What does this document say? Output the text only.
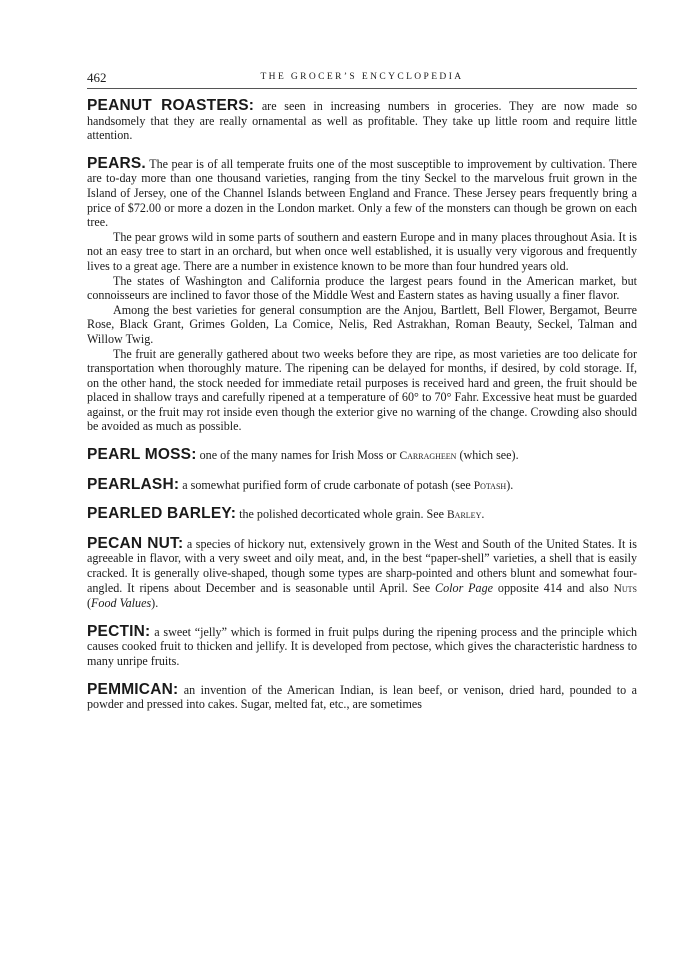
462	THE GROCER’S ENCYCLOPEDIA

PEANUT ROASTERS: are seen in increasing numbers in groceries. They are now made so handsomely that they are really ornamental as well as profitable. They take up little room and require little attention.

PEARS. The pear is of all temperate fruits one of the most susceptible to improvement by cultivation. There are to-day more than one thousand varieties, ranging from the tiny Seckel to the marvelous fruit grown in the Island of Jersey, one of the Channel Islands between England and France. These Jersey pears frequently bring a price of $72.00 or more a dozen in the London market. Only a few of the monsters can though be grown on each tree.

The pear grows wild in some parts of southern and eastern Europe and in many places throughout Asia. It is not an easy tree to start in an orchard, but when once well established, it is usually very vigorous and frequently lives to a great age. There are a number in existence known to be more than four hundred years old.

The states of Washington and California produce the largest pears found in the American market, but connoisseurs are inclined to favor those of the Middle West and Eastern states as having usually a finer flavor.

Among the best varieties for general consumption are the Anjou, Bartlett, Bell Flower, Bergamot, Beurre Rose, Black Grant, Grimes Golden, La Comice, Nelis, Red Astrakhan, Roman Beauty, Seckel, Talman and Willow Twig.

The fruit are generally gathered about two weeks before they are ripe, as most varieties are too delicate for transportation when thoroughly mature. The ripening can be delayed for months, if desired, by cold storage. If, on the other hand, the stock needed for immediate retail purposes is received hard and green, the fruit should be placed in shallow trays and carefully ripened at a temperature of 60° to 70° Fahr. Excessive heat must be guarded against, or the fruit may rot inside even though the exterior give no warning of the change. Crowding also should be avoided as much as possible.

PEARL MOSS: one of the many names for Irish Moss or Carragheen (which see).

PEARLASH: a somewhat purified form of crude carbonate of potash (see Potash).

PEARLED BARLEY: the polished decorticated whole grain. See Barley.

PECAN NUT: a species of hickory nut, extensively grown in the West and South of the United States. It is agreeable in flavor, with a very sweet and oily meat, and, in the best “paper-shell” varieties, a shell that is easily cracked. It is generally olive-shaped, though some types are sharp-pointed and others blunt and somewhat four-angled. It ripens about December and is seasonable until April. See Color Page opposite 414 and also Nuts (Food Values).

PECTIN: a sweet “jelly” which is formed in fruit pulps during the ripening process and the principle which causes cooked fruit to thicken and jellify. It is developed from pectose, which gives the characteristic hardness to many unripe fruits.

PEMMICAN: an invention of the American Indian, is lean beef, or venison, dried hard, pounded to a powder and pressed into cakes. Sugar, melted fat, etc., are sometimes
